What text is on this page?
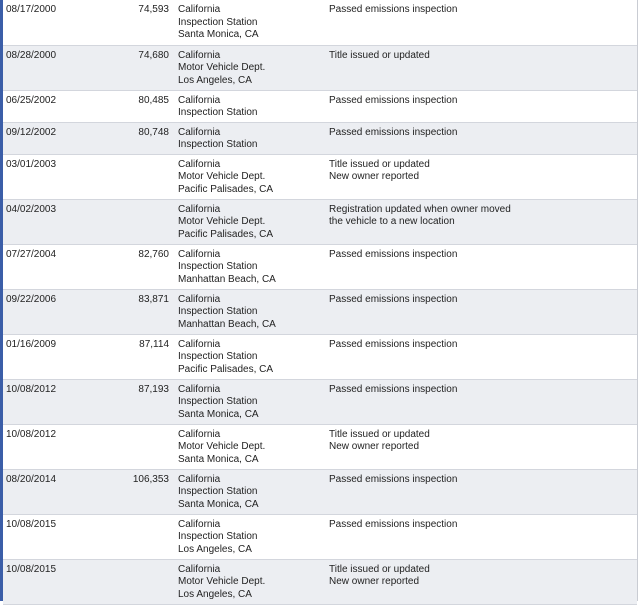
08/17/2000	74,593	California
Inspection Station
Santa Monica, CA	Passed emissions inspection

08/28/2000	74,680	California
Motor Vehicle Dept.
Los Angeles, CA	Title issued or updated

06/25/2002	80,485	California
Inspection Station	Passed emissions inspection

09/12/2002	80,748	California
Inspection Station	Passed emissions inspection

03/01/2003		California
Motor Vehicle Dept.
Pacific Palisades, CA	Title issued or updated
New owner reported

04/02/2003		California
Motor Vehicle Dept.
Pacific Palisades, CA	Registration updated when owner moved
the vehicle to a new location

07/27/2004	82,760	California
Inspection Station
Manhattan Beach, CA	Passed emissions inspection

09/22/2006	83,871	California
Inspection Station
Manhattan Beach, CA	Passed emissions inspection

01/16/2009	87,114	California
Inspection Station
Pacific Palisades, CA	Passed emissions inspection

10/08/2012	87,193	California
Inspection Station
Santa Monica, CA	Passed emissions inspection

10/08/2012		California
Motor Vehicle Dept.
Santa Monica, CA	Title issued or updated
New owner reported

08/20/2014	106,353	California
Inspection Station
Santa Monica, CA	Passed emissions inspection

10/08/2015		California
Inspection Station
Los Angeles, CA	Passed emissions inspection

10/08/2015		California
Motor Vehicle Dept.
Los Angeles, CA	Title issued or updated
New owner reported
